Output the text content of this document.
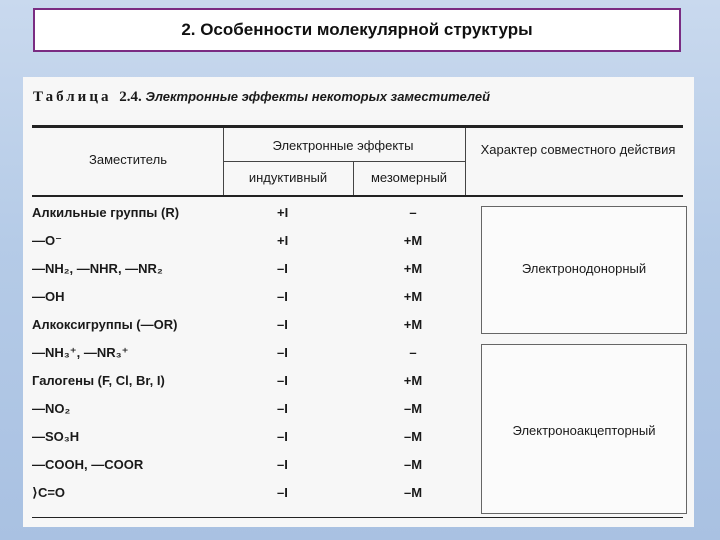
2. Особенности молекулярной структуры
Таблица 2.4. Электронные эффекты некоторых заместителей
Заместитель
Электронные эффекты
индуктивный	мезомерный
Характер совместного действия
Алкильные группы (R)	+I	–
—O⁻	+I	+M
—NH₂, —NHR, —NR₂	–I	+M
—OH	–I	+M
Алкоксигруппы (—OR)	–I	+M
—NH₃⁺, —NR₃⁺	–I	–
Галогены (F, Cl, Br, I)	–I	+M
—NO₂	–I	–M
—SO₃H	–I	–M
—COOH, —COOR	–I	–M
⟩C=O	–I	–M
Электронодонорный
Электроноакцепторный
